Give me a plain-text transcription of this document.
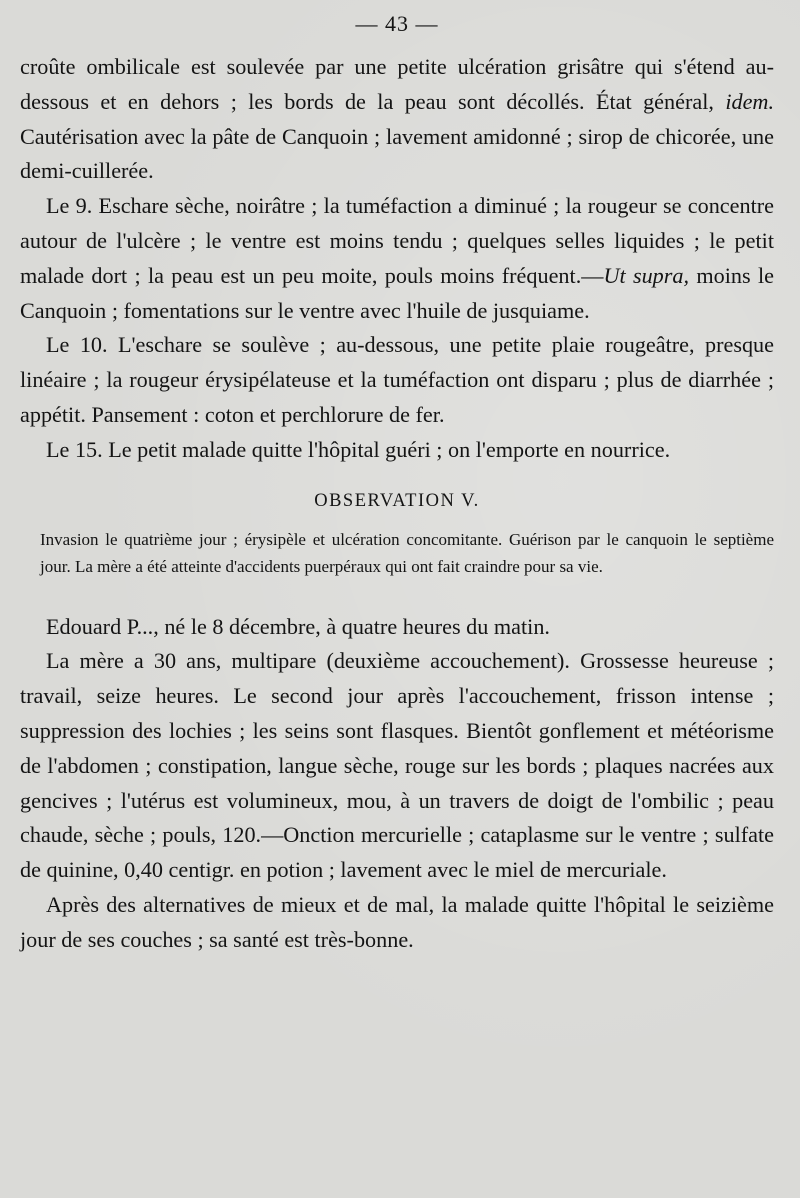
— 43 —

croûte ombilicale est soulevée par une petite ulcération grisâtre qui s'étend au-dessous et en dehors ; les bords de la peau sont décollés. État général, idem. Cautérisation avec la pâte de Canquoin ; lavement amidonné ; sirop de chicorée, une demi-cuillerée.

Le 9. Eschare sèche, noirâtre ; la tuméfaction a diminué ; la rougeur se concentre autour de l'ulcère ; le ventre est moins tendu ; quelques selles liquides ; le petit malade dort ; la peau est un peu moite, pouls moins fréquent.—Ut supra, moins le Canquoin ; fomentations sur le ventre avec l'huile de jusquiame.

Le 10. L'eschare se soulève ; au-dessous, une petite plaie rougeâtre, presque linéaire ; la rougeur érysipélateuse et la tuméfaction ont disparu ; plus de diarrhée ; appétit. Pansement : coton et perchlorure de fer.

Le 15. Le petit malade quitte l'hôpital guéri ; on l'emporte en nourrice.

OBSERVATION V.

Invasion le quatrième jour ; érysipèle et ulcération concomitante. Guérison par le canquoin le septième jour. La mère a été atteinte d'accidents puerpéraux qui ont fait craindre pour sa vie.

Edouard P..., né le 8 décembre, à quatre heures du matin.

La mère a 30 ans, multipare (deuxième accouchement). Grossesse heureuse ; travail, seize heures. Le second jour après l'accouchement, frisson intense ; suppression des lochies ; les seins sont flasques. Bientôt gonflement et météorisme de l'abdomen ; constipation, langue sèche, rouge sur les bords ; plaques nacrées aux gencives ; l'utérus est volumineux, mou, à un travers de doigt de l'ombilic ; peau chaude, sèche ; pouls, 120.—Onction mercurielle ; cataplasme sur le ventre ; sulfate de quinine, 0,40 centigr. en potion ; lavement avec le miel de mercuriale.

Après des alternatives de mieux et de mal, la malade quitte l'hôpital le seizième jour de ses couches ; sa santé est très-bonne.
